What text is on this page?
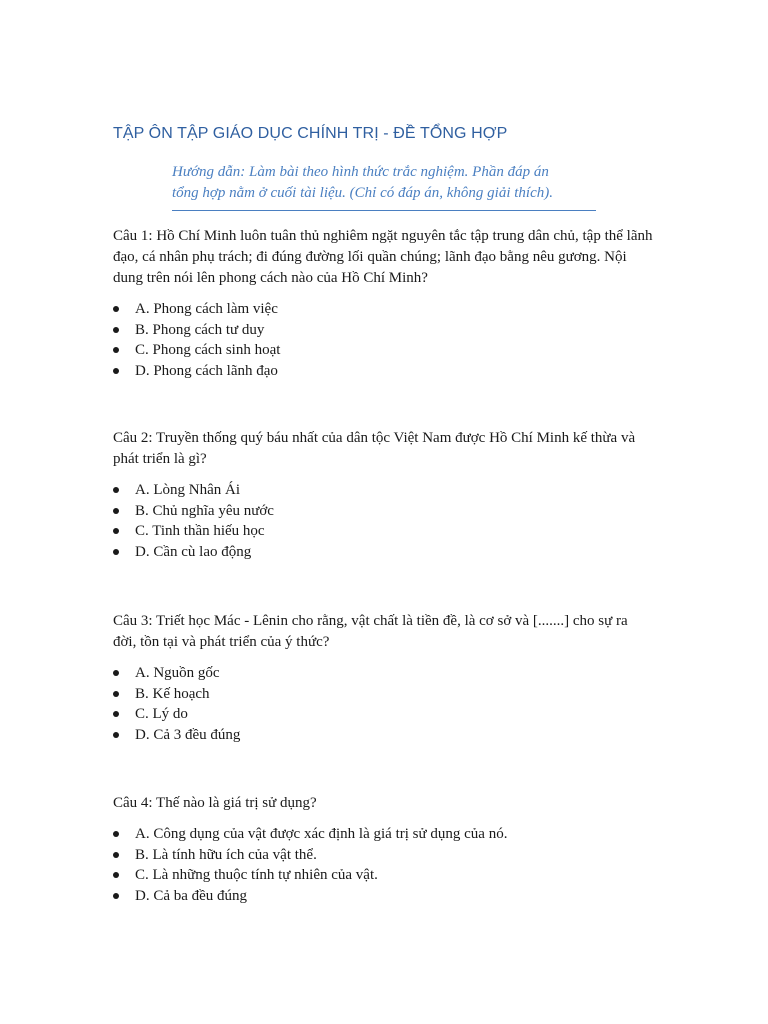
TẬP ÔN TẬP GIÁO DỤC CHÍNH TRỊ - ĐỀ TỔNG HỢP
Hướng dẫn: Làm bài theo hình thức trắc nghiệm. Phần đáp án
tổng hợp nằm ở cuối tài liệu. (Chỉ có đáp án, không giải thích).

Câu 1: Hồ Chí Minh luôn tuân thủ nghiêm ngặt nguyên tắc tập trung dân chủ, tập thể lãnh
đạo, cá nhân phụ trách; đi đúng đường lối quần chúng; lãnh đạo bằng nêu gương. Nội
dung trên nói lên phong cách nào của Hồ Chí Minh?

A. Phong cách làm việc
B. Phong cách tư duy
C. Phong cách sinh hoạt
D. Phong cách lãnh đạo

Câu 2: Truyền thống quý báu nhất của dân tộc Việt Nam được Hồ Chí Minh kế thừa và
phát triển là gì?

A. Lòng Nhân Ái
B. Chủ nghĩa yêu nước
C. Tinh thần hiếu học
D. Cần cù lao động

Câu 3: Triết học Mác - Lênin cho rằng, vật chất là tiền đề, là cơ sở và [.......] cho sự ra
đời, tồn tại và phát triển của ý thức?

A. Nguồn gốc
B. Kế hoạch
C. Lý do
D. Cả 3 đều đúng

Câu 4: Thế nào là giá trị sử dụng?

A. Công dụng của vật được xác định là giá trị sử dụng của nó.
B. Là tính hữu ích của vật thể.
C. Là những thuộc tính tự nhiên của vật.
D. Cả ba đều đúng
